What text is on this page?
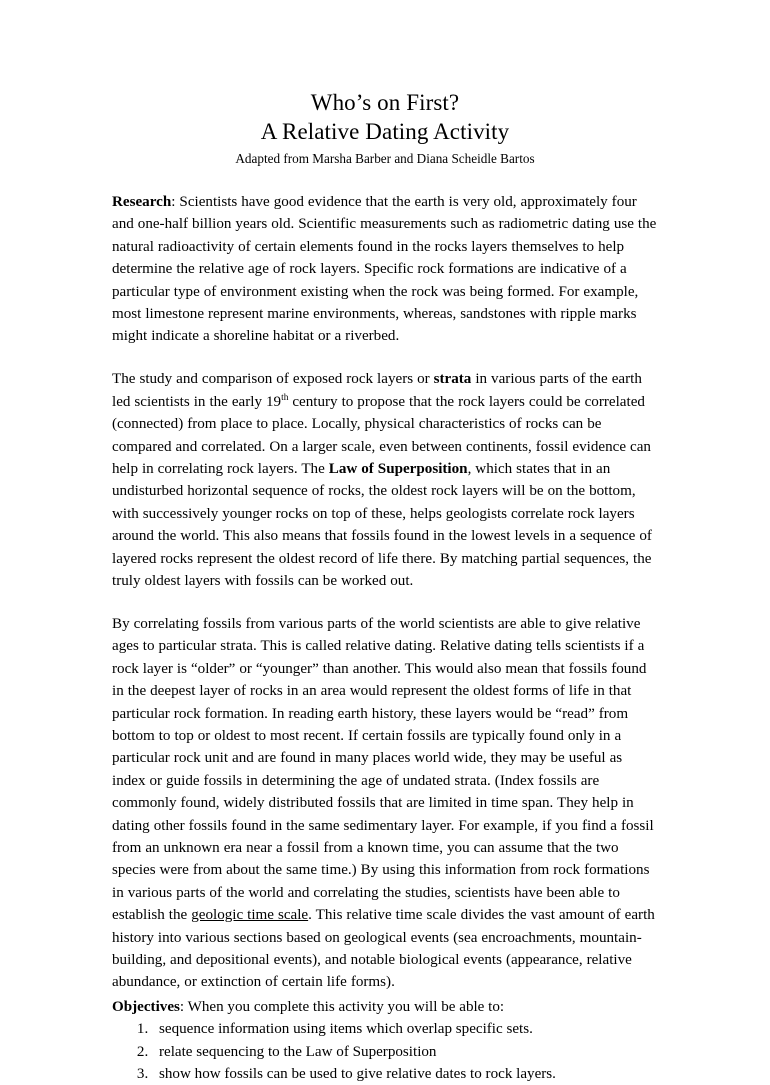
Who’s on First?
A Relative Dating Activity
Adapted from Marsha Barber and Diana Scheidle Bartos

Research: Scientists have good evidence that the earth is very old, approximately four and one-half billion years old. Scientific measurements such as radiometric dating use the natural radioactivity of certain elements found in the rocks layers themselves to help determine the relative age of rock layers. Specific rock formations are indicative of a particular type of environment existing when the rock was being formed. For example, most limestone represent marine environments, whereas, sandstones with ripple marks might indicate a shoreline habitat or a riverbed.

The study and comparison of exposed rock layers or strata in various parts of the earth led scientists in the early 19th century to propose that the rock layers could be correlated (connected) from place to place. Locally, physical characteristics of rocks can be compared and correlated. On a larger scale, even between continents, fossil evidence can help in correlating rock layers. The Law of Superposition, which states that in an undisturbed horizontal sequence of rocks, the oldest rock layers will be on the bottom, with successively younger rocks on top of these, helps geologists correlate rock layers around the world. This also means that fossils found in the lowest levels in a sequence of layered rocks represent the oldest record of life there. By matching partial sequences, the truly oldest layers with fossils can be worked out.

By correlating fossils from various parts of the world scientists are able to give relative ages to particular strata. This is called relative dating. Relative dating tells scientists if a rock layer is “older” or “younger” than another. This would also mean that fossils found in the deepest layer of rocks in an area would represent the oldest forms of life in that particular rock formation. In reading earth history, these layers would be “read” from bottom to top or oldest to most recent. If certain fossils are typically found only in a particular rock unit and are found in many places world wide, they may be useful as index or guide fossils in determining the age of undated strata. (Index fossils are commonly found, widely distributed fossils that are limited in time span. They help in dating other fossils found in the same sedimentary layer. For example, if you find a fossil from an unknown era near a fossil from a known time, you can assume that the two species were from about the same time.) By using this information from rock formations in various parts of the world and correlating the studies, scientists have been able to establish the geologic time scale. This relative time scale divides the vast amount of earth history into various sections based on geological events (sea encroachments, mountain-building, and depositional events), and notable biological events (appearance, relative abundance, or extinction of certain life forms).

Objectives: When you complete this activity you will be able to:

1. sequence information using items which overlap specific sets.
2. relate sequencing to the Law of Superposition
3. show how fossils can be used to give relative dates to rock layers.
